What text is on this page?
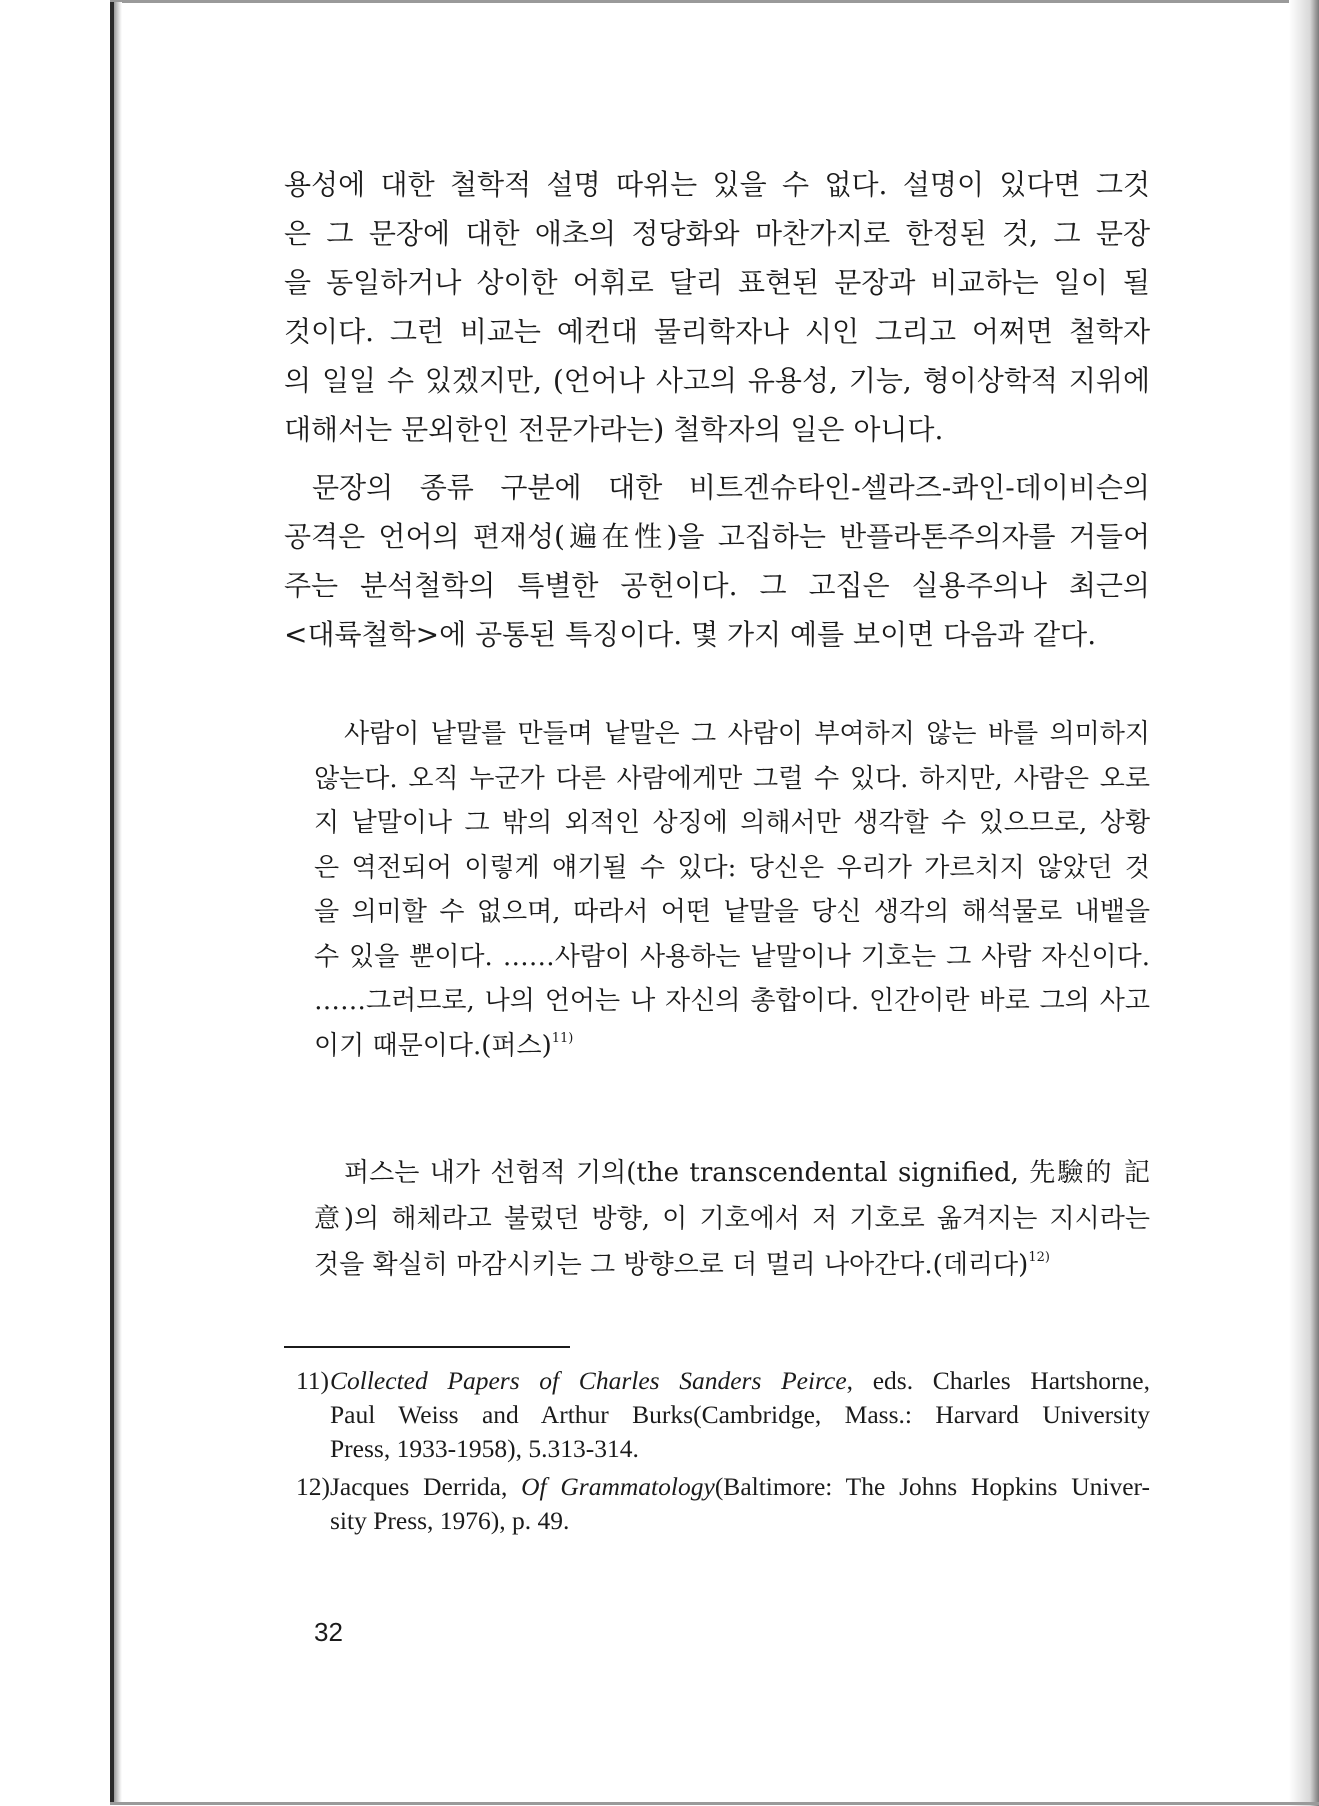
용성에 대한 철학적 설명 따위는 있을 수 없다. 설명이 있다면 그것
은 그 문장에 대한 애초의 정당화와 마찬가지로 한정된 것, 그 문장
을 동일하거나 상이한 어휘로 달리 표현된 문장과 비교하는 일이 될
것이다. 그런 비교는 예컨대 물리학자나 시인 그리고 어쩌면 철학자
의 일일 수 있겠지만, (언어나 사고의 유용성, 기능, 형이상학적 지위에
대해서는 문외한인 전문가라는) 철학자의 일은 아니다.
문장의 종류 구분에 대한 비트겐슈타인-셀라즈-콰인-데이비슨의
공격은 언어의 편재성(遍在性)을 고집하는 반플라톤주의자를 거들어
주는 분석철학의 특별한 공헌이다. 그 고집은 실용주의나 최근의
<대륙철학>에 공통된 특징이다. 몇 가지 예를 보이면 다음과 같다.
사람이 낱말를 만들며 낱말은 그 사람이 부여하지 않는 바를 의미하지
않는다. 오직 누군가 다른 사람에게만 그럴 수 있다. 하지만, 사람은 오로
지 낱말이나 그 밖의 외적인 상징에 의해서만 생각할 수 있으므로, 상황
은 역전되어 이렇게 얘기될 수 있다: 당신은 우리가 가르치지 않았던 것
을 의미할 수 없으며, 따라서 어떤 낱말을 당신 생각의 해석물로 내뱉을
수 있을 뿐이다. ……사람이 사용하는 낱말이나 기호는 그 사람 자신이다.
……그러므로, 나의 언어는 나 자신의 총합이다. 인간이란 바로 그의 사고
이기 때문이다.(퍼스)$^{11)}$
퍼스는 내가 선험적 기의(the transcendental signified, 先驗的 記
意)의 해체라고 불렀던 방향, 이 기호에서 저 기호로 옮겨지는 지시라는
것을 확실히 마감시키는 그 방향으로 더 멀리 나아간다.(데리다)$^{12)}$
11) Collected Papers of Charles Sanders Peirce, eds. Charles Hartshorne,
Paul Weiss and Arthur Burks(Cambridge, Mass.: Harvard University
Press, 1933-1958), 5.313-314.
12) Jacques Derrida, Of Grammatology(Baltimore: The Johns Hopkins Univer-
sity Press, 1976), p. 49.
32
